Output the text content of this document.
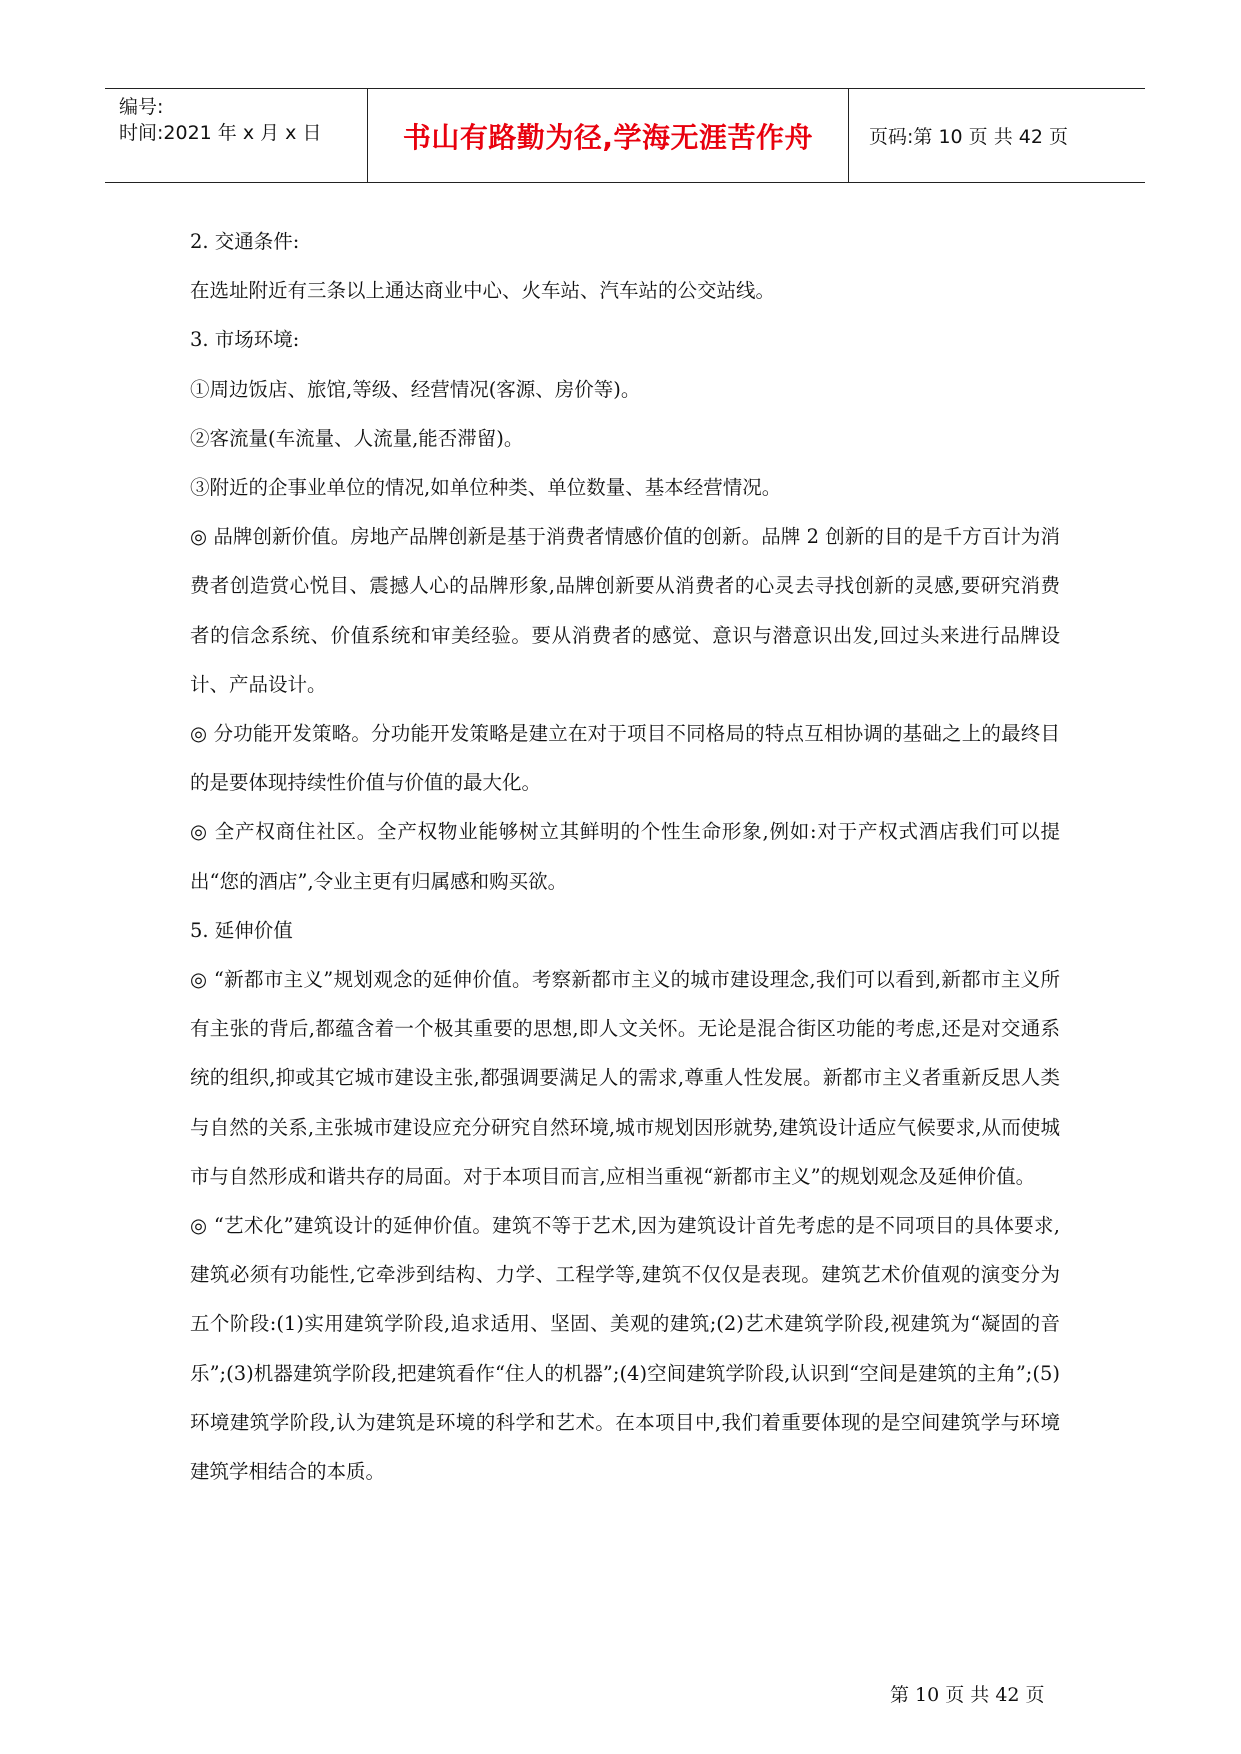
编号:
时间:2021 年 x 月 x 日	书山有路勤为径,学海无涯苦作舟	页码:第 10 页 共 42 页

2. 交通条件:

在选址附近有三条以上通达商业中心、火车站、汽车站的公交站线。

3. 市场环境:

①周边饭店、旅馆,等级、经营情况(客源、房价等)。

②客流量(车流量、人流量,能否滞留)。

③附近的企事业单位的情况,如单位种类、单位数量、基本经营情况。

◎ 品牌创新价值。房地产品牌创新是基于消费者情感价值的创新。品牌 2 创新的目的是千方百计为消费者创造赏心悦目、震撼人心的品牌形象,品牌创新要从消费者的心灵去寻找创新的灵感,要研究消费者的信念系统、价值系统和审美经验。要从消费者的感觉、意识与潜意识出发,回过头来进行品牌设计、产品设计。

◎ 分功能开发策略。分功能开发策略是建立在对于项目不同格局的特点互相协调的基础之上的最终目的是要体现持续性价值与价值的最大化。

◎ 全产权商住社区。全产权物业能够树立其鲜明的个性生命形象,例如:对于产权式酒店我们可以提出“您的酒店”,令业主更有归属感和购买欲。

5. 延伸价值

◎ “新都市主义”规划观念的延伸价值。考察新都市主义的城市建设理念,我们可以看到,新都市主义所有主张的背后,都蕴含着一个极其重要的思想,即人文关怀。无论是混合街区功能的考虑,还是对交通系统的组织,抑或其它城市建设主张,都强调要满足人的需求,尊重人性发展。新都市主义者重新反思人类与自然的关系,主张城市建设应充分研究自然环境,城市规划因形就势,建筑设计适应气候要求,从而使城市与自然形成和谐共存的局面。对于本项目而言,应相当重视“新都市主义”的规划观念及延伸价值。

◎ “艺术化”建筑设计的延伸价值。建筑不等于艺术,因为建筑设计首先考虑的是不同项目的具体要求,建筑必须有功能性,它牵涉到结构、力学、工程学等,建筑不仅仅是表现。建筑艺术价值观的演变分为五个阶段:(1)实用建筑学阶段,追求适用、坚固、美观的建筑;(2)艺术建筑学阶段,视建筑为“凝固的音乐”;(3)机器建筑学阶段,把建筑看作“住人的机器”;(4)空间建筑学阶段,认识到“空间是建筑的主角”;(5)环境建筑学阶段,认为建筑是环境的科学和艺术。在本项目中,我们着重要体现的是空间建筑学与环境建筑学相结合的本质。

第 10 页 共 42 页
